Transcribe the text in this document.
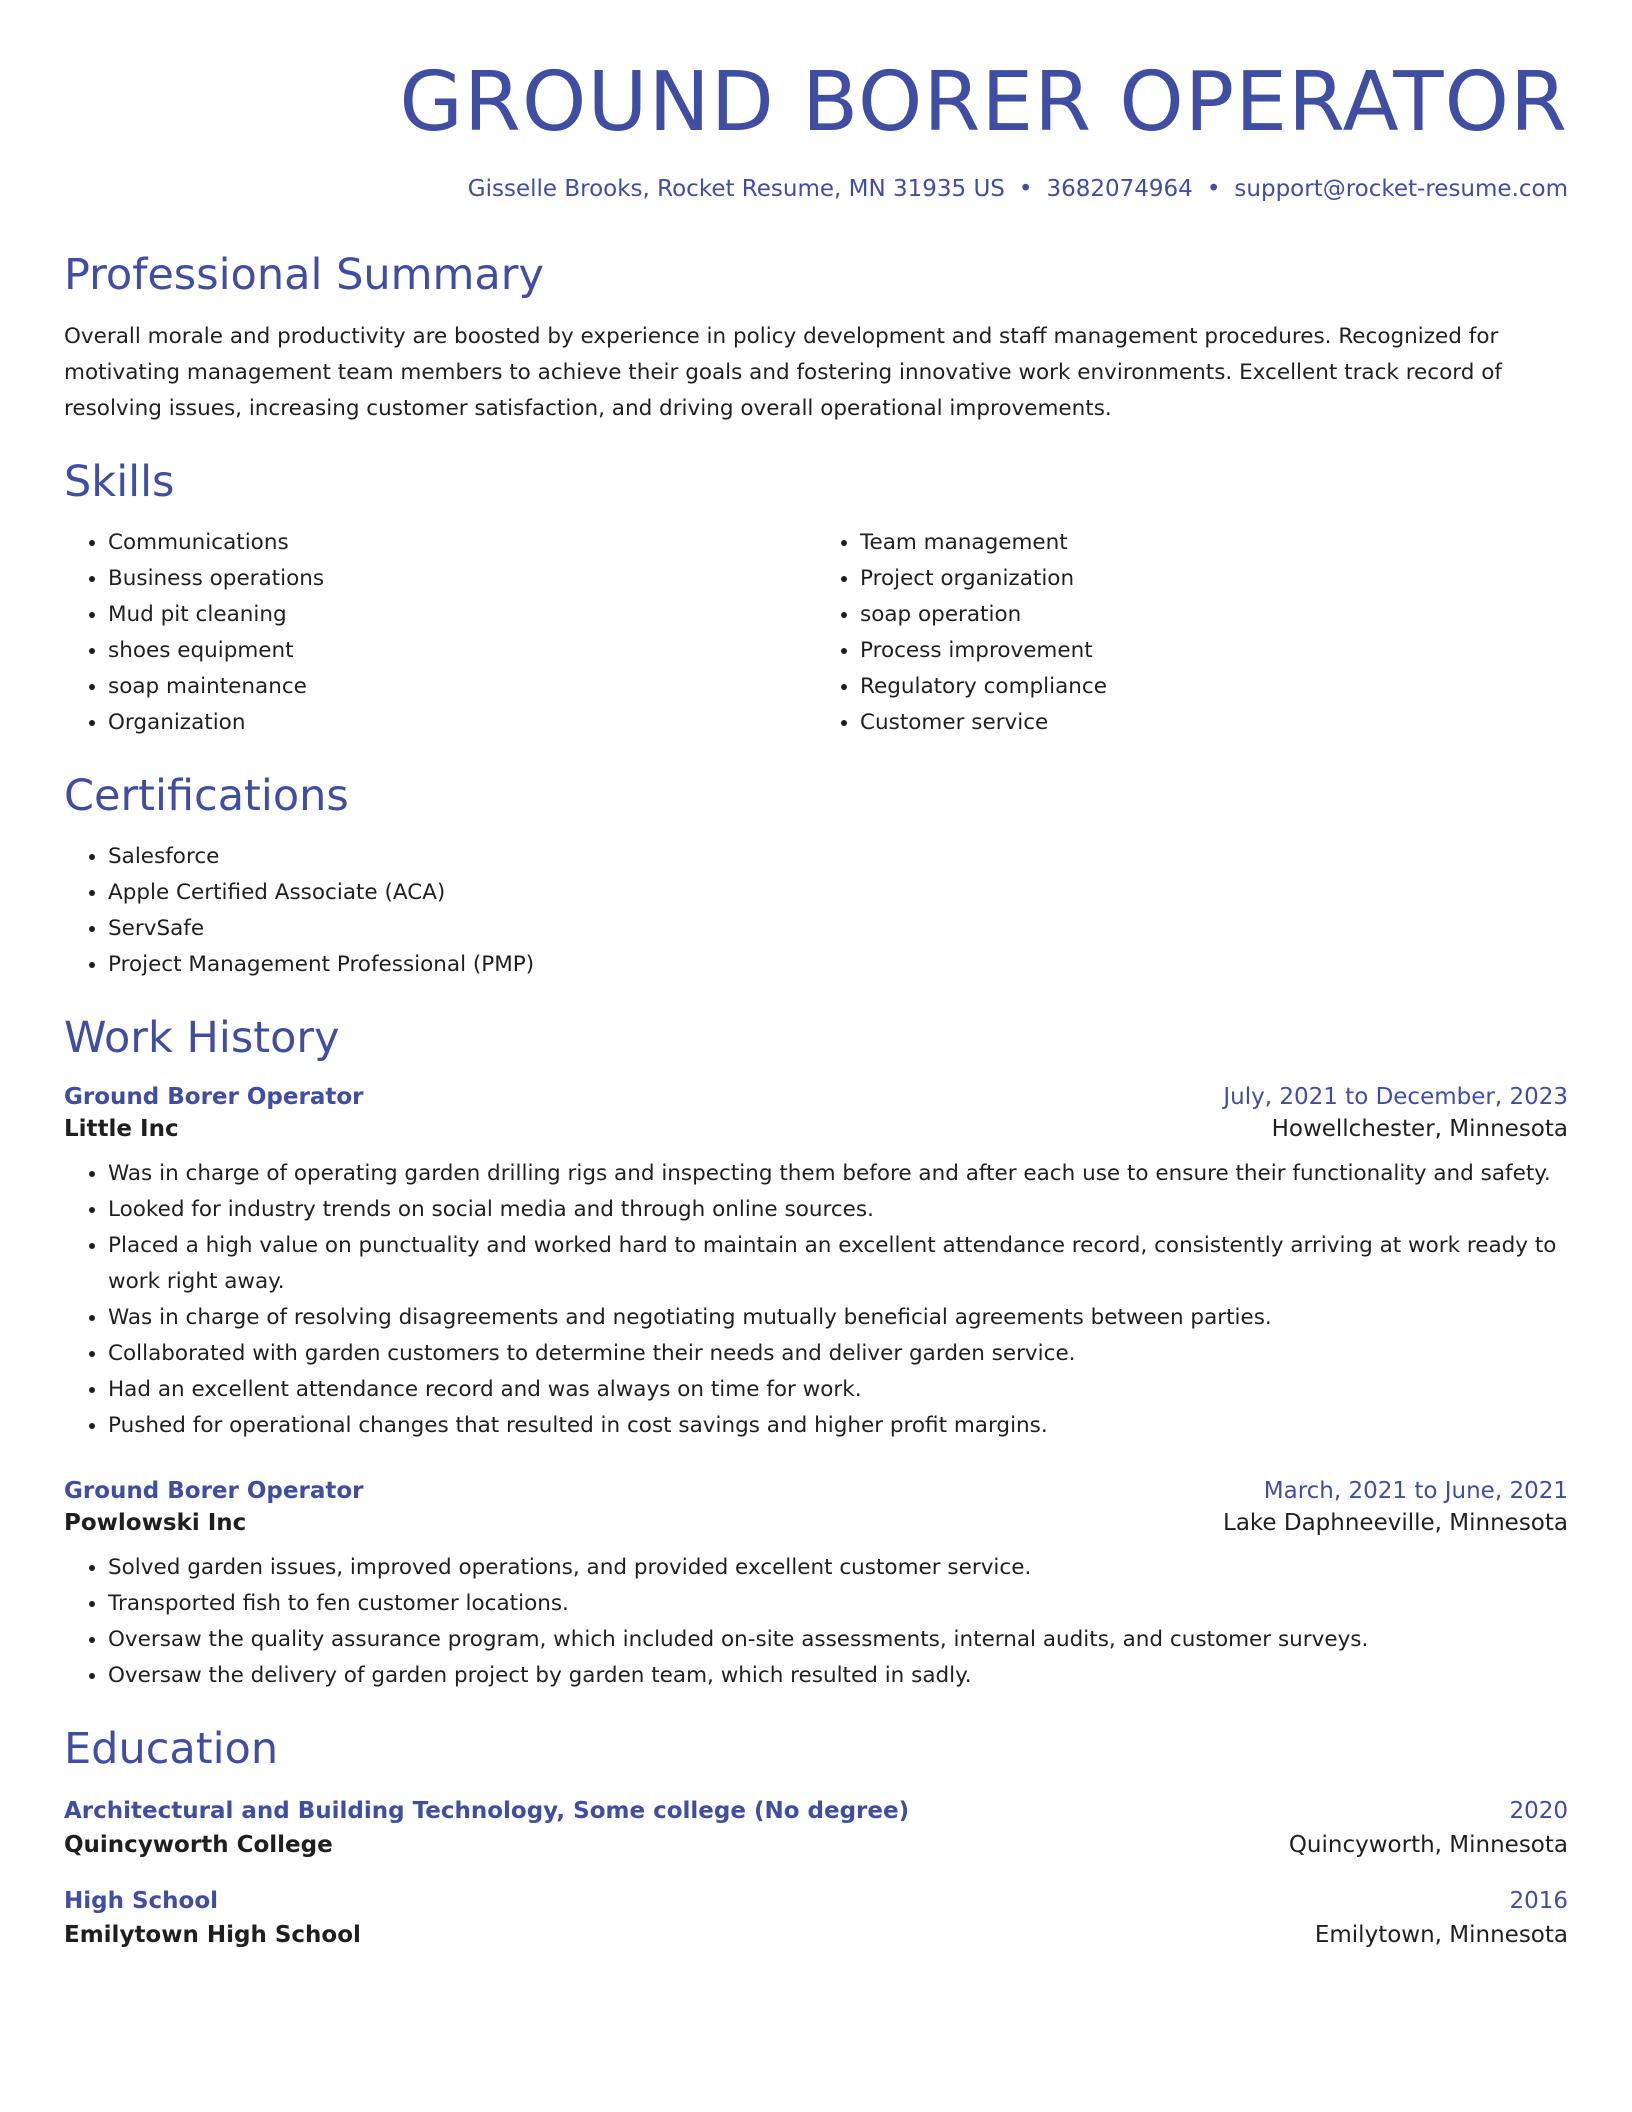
GROUND BORER OPERATOR
Gisselle Brooks, Rocket Resume, MN 31935 US • 3682074964 • support@rocket-resume.com
Professional Summary

Overall morale and productivity are boosted by experience in policy development and staff management procedures. Recognized for motivating management team members to achieve their goals and fostering innovative work environments. Excellent track record of resolving issues, increasing customer satisfaction, and driving overall operational improvements.

Skills
• Communications
• Business operations
• Mud pit cleaning
• shoes equipment
• soap maintenance
• Organization
• Team management
• Project organization
• soap operation
• Process improvement
• Regulatory compliance
• Customer service
Certifications
• Salesforce
• Apple Certified Associate (ACA)
• ServSafe
• Project Management Professional (PMP)
Work History
Ground Borer Operator	July, 2021 to December, 2023
Little Inc	Howellchester, Minnesota
• Was in charge of operating garden drilling rigs and inspecting them before and after each use to ensure their functionality and safety.
• Looked for industry trends on social media and through online sources.
• Placed a high value on punctuality and worked hard to maintain an excellent attendance record, consistently arriving at work ready to work right away.
• Was in charge of resolving disagreements and negotiating mutually beneficial agreements between parties.
• Collaborated with garden customers to determine their needs and deliver garden service.
• Had an excellent attendance record and was always on time for work.
• Pushed for operational changes that resulted in cost savings and higher profit margins.
Ground Borer Operator	March, 2021 to June, 2021
Powlowski Inc	Lake Daphneeville, Minnesota
• Solved garden issues, improved operations, and provided excellent customer service.
• Transported fish to fen customer locations.
• Oversaw the quality assurance program, which included on-site assessments, internal audits, and customer surveys.
• Oversaw the delivery of garden project by garden team, which resulted in sadly.
Education
Architectural and Building Technology, Some college (No degree)	2020
Quincyworth College	Quincyworth, Minnesota
High School	2016
Emilytown High School	Emilytown, Minnesota
